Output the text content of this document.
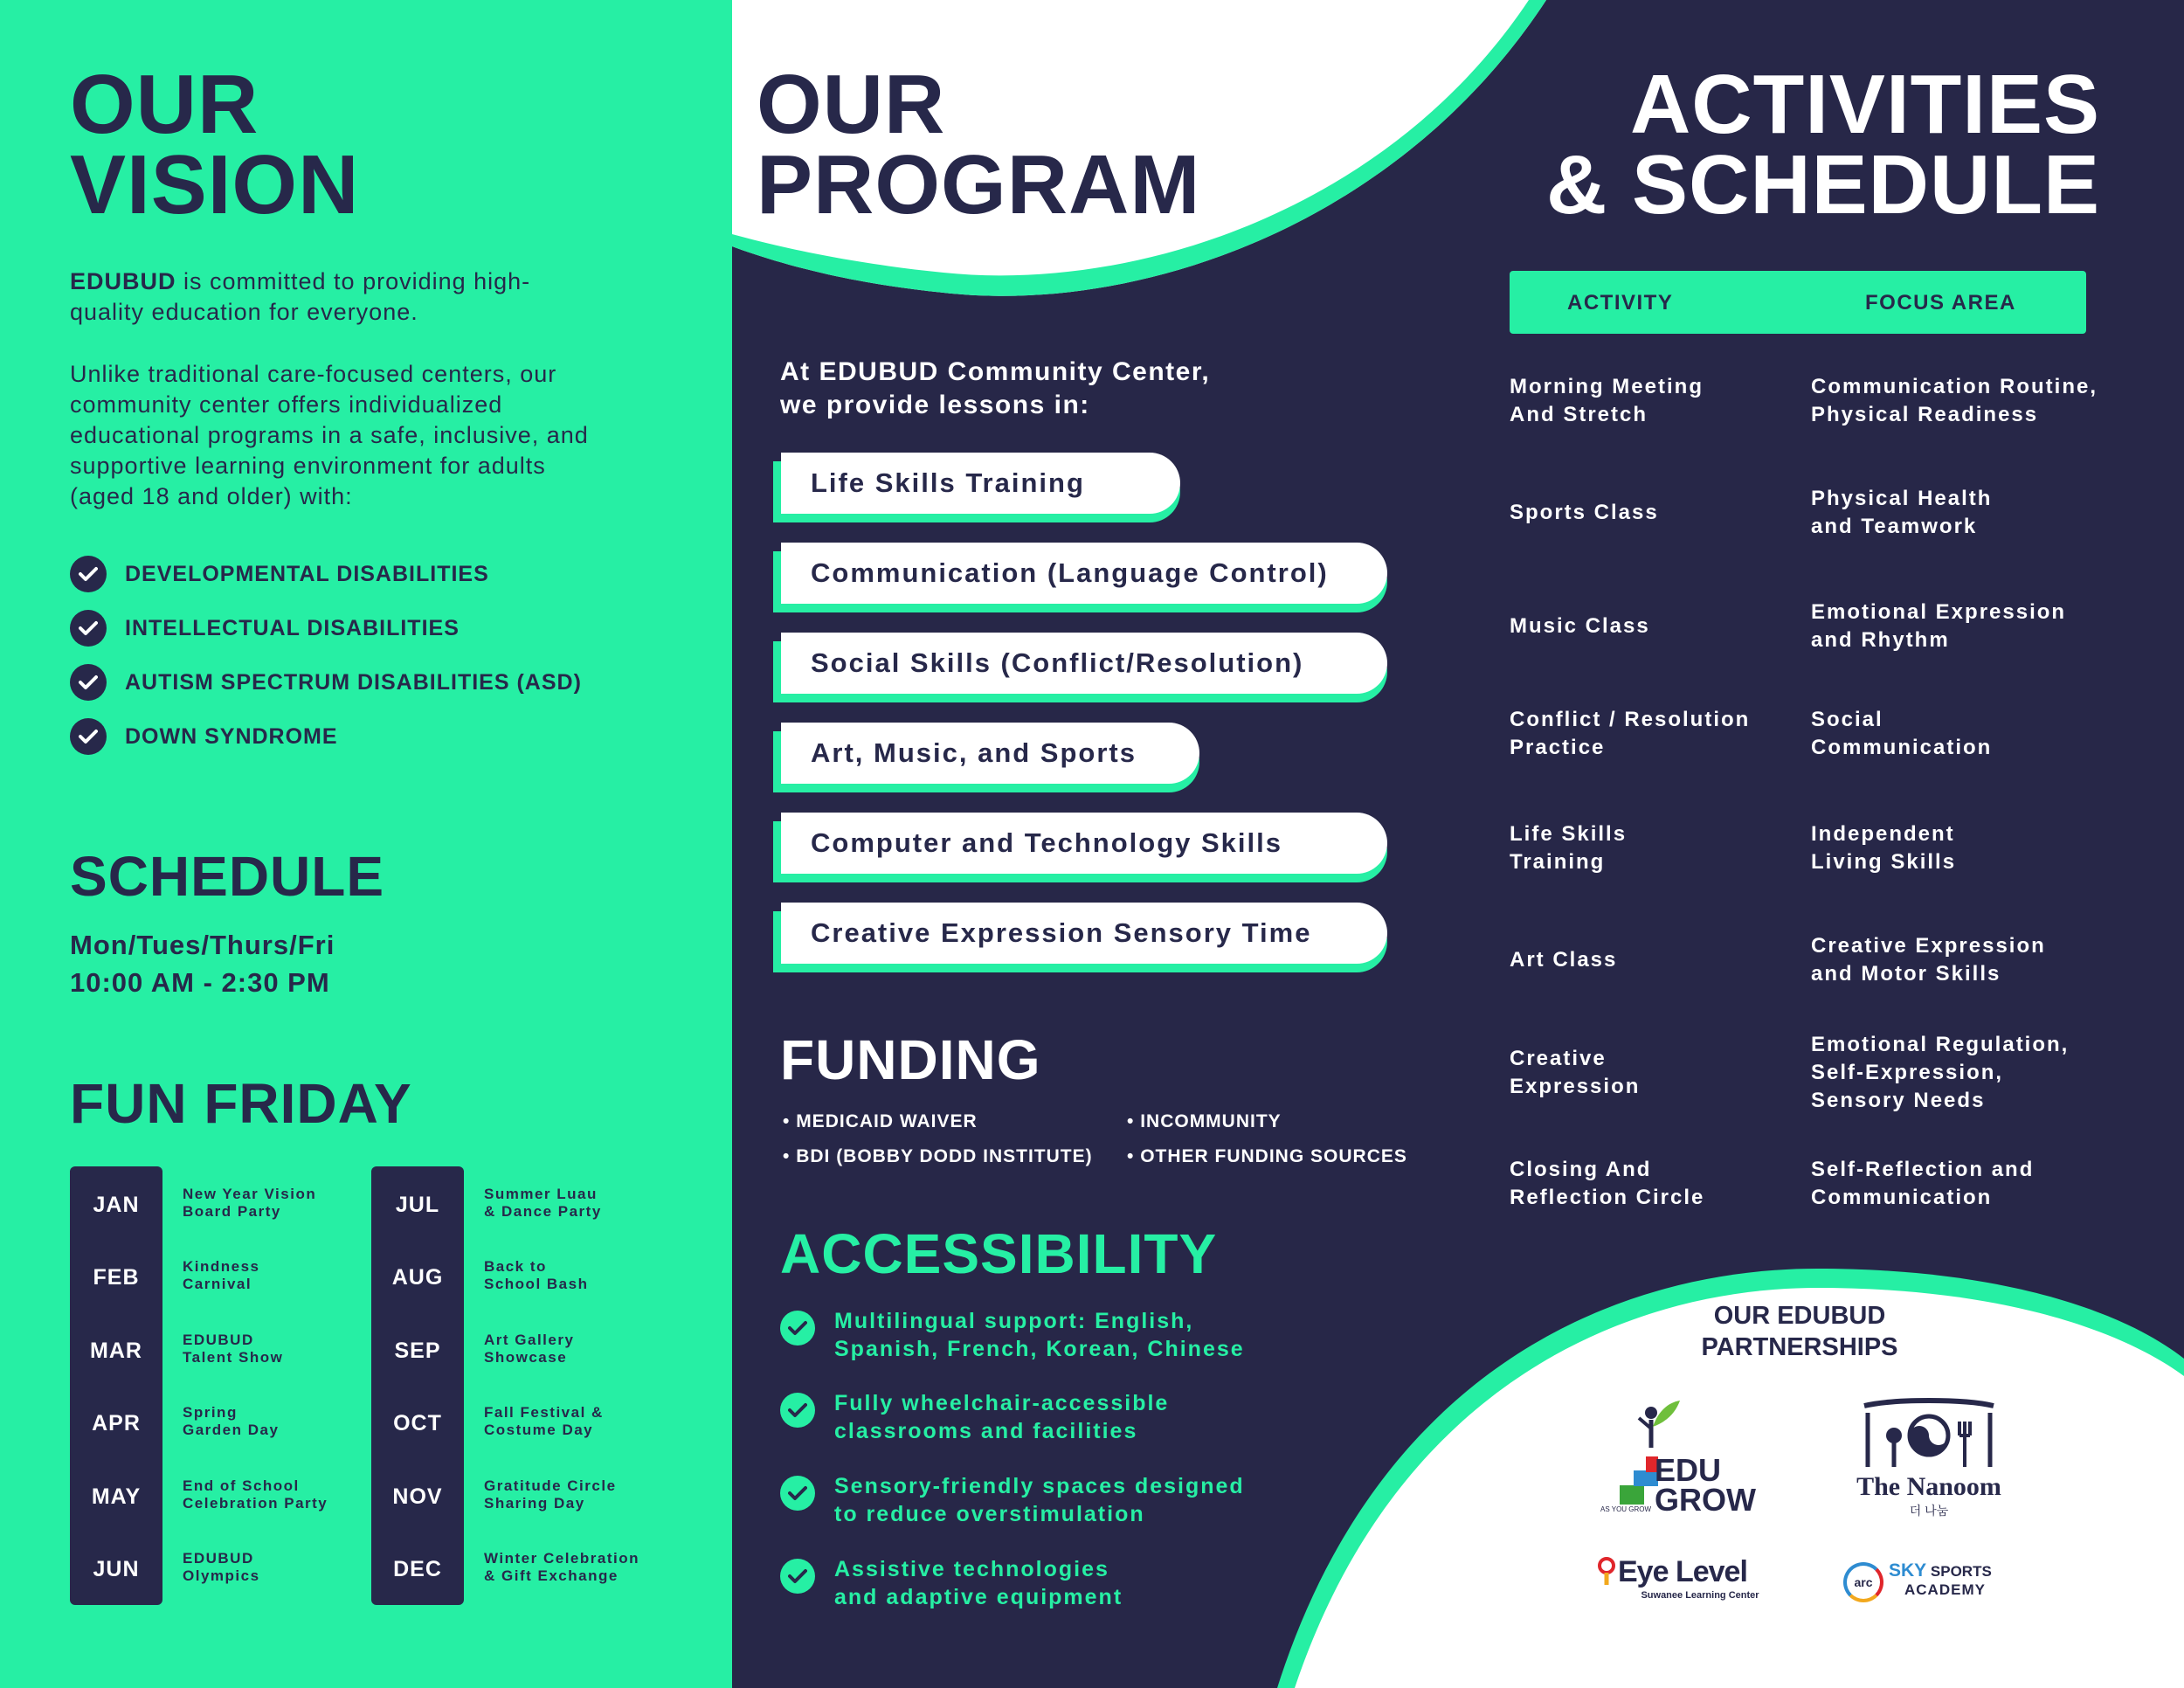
OUR
VISION
EDUBUD is committed to providing high-quality education for everyone.
Unlike traditional care-focused centers, our community center offers individualized educational programs in a safe, inclusive, and supportive learning environment for adults (aged 18 and older) with:
DEVELOPMENTAL DISABILITIES
INTELLECTUAL DISABILITIES
AUTISM SPECTRUM DISABILITIES (ASD)
DOWN SYNDROME
SCHEDULE
Mon/Tues/Thurs/Fri
10:00 AM - 2:30 PM
FUN FRIDAY
JAN
FEB
MAR
APR
MAY
JUN
New Year Vision
Board Party
Kindness
Carnival
EDUBUD
Talent Show
Spring
Garden Day
End of School
Celebration Party
EDUBUD
Olympics
JUL
AUG
SEP
OCT
NOV
DEC
Summer Luau
& Dance Party
Back to
School Bash
Art Gallery
Showcase
Fall Festival &
Costume Day
Gratitude Circle
Sharing Day
Winter Celebration
& Gift Exchange
OUR
PROGRAM
At EDUBUD Community Center,
we provide lessons in:
Life Skills Training
Communication (Language Control)
Social Skills (Conflict/Resolution)
Art, Music, and Sports
Computer and Technology Skills
Creative Expression Sensory Time
FUNDING
• MEDICAID WAIVER	• INCOMMUNITY
• BDI (BOBBY DODD INSTITUTE) • OTHER FUNDING SOURCES
ACCESSIBILITY
Multilingual support: English,
Spanish, French, Korean, Chinese
Fully wheelchair-accessible
classrooms and facilities
Sensory-friendly spaces designed
to reduce overstimulation
Assistive technologies
and adaptive equipment
ACTIVITIES
& SCHEDULE
ACTIVITY	FOCUS AREA
Morning Meeting
And Stretch
Communication Routine,
Physical Readiness
Sports Class
Physical Health
and Teamwork
Music Class
Emotional Expression
and Rhythm
Conflict / Resolution
Practice
Social
Communication
Life Skills
Training
Independent
Living Skills
Art Class
Creative Expression
and Motor Skills
Creative
Expression
Emotional Regulation,
Self-Expression,
Sensory Needs
Closing And
Reflection Circle
Self-Reflection and
Communication
OUR EDUBUD
PARTNERSHIPS
EDU
GROW
AS YOU GROW
The Nanoom
더 나눔
Eye Level
Suwanee Learning Center
arc
SKY SPORTS
ACADEMY
